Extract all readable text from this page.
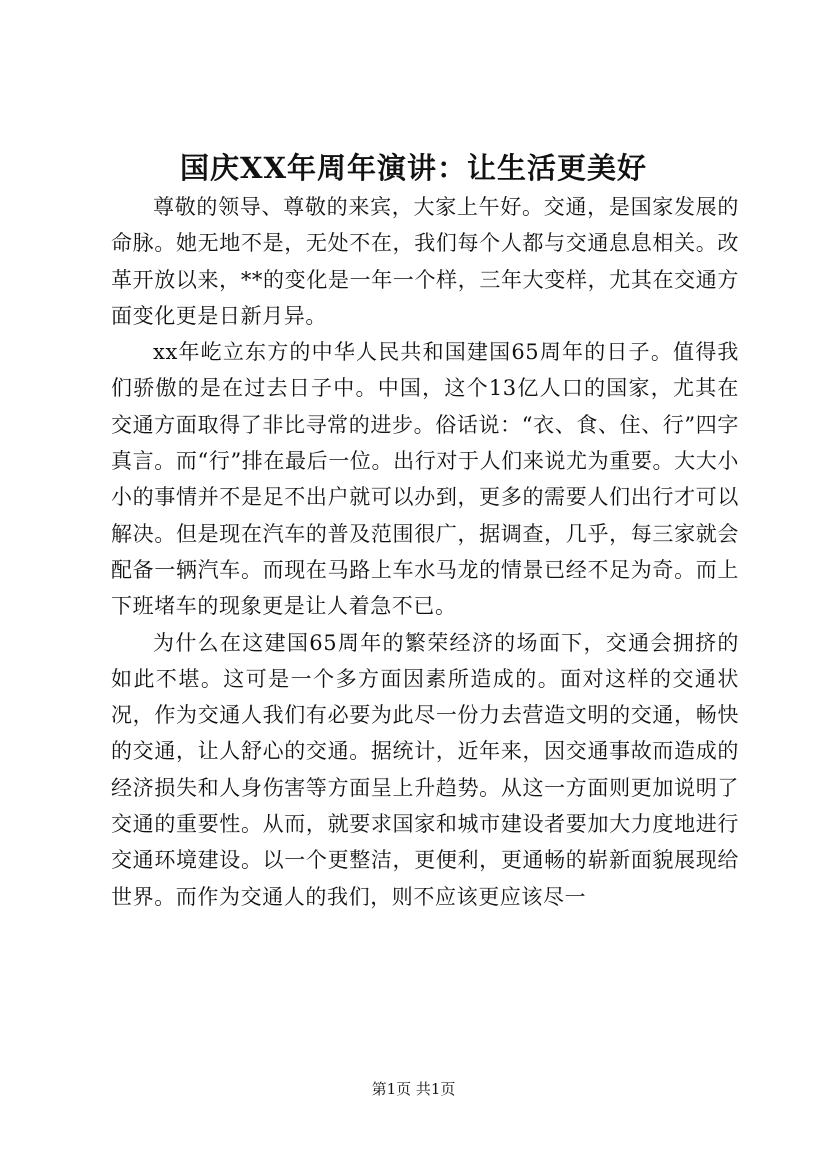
国庆XX年周年演讲：让生活更美好

尊敬的领导、尊敬的来宾，大家上午好。交通，是国家发展的命脉。她无地不是，无处不在，我们每个人都与交通息息相关。改革开放以来，**的变化是一年一个样，三年大变样，尤其在交通方面变化更是日新月异。

xx年屹立东方的中华人民共和国建国65周年的日子。值得我们骄傲的是在过去日子中。中国，这个13亿人口的国家，尤其在交通方面取得了非比寻常的进步。俗话说：“衣、食、住、行”四字真言。而“行”排在最后一位。出行对于人们来说尤为重要。大大小小的事情并不是足不出户就可以办到，更多的需要人们出行才可以解决。但是现在汽车的普及范围很广，据调查，几乎，每三家就会配备一辆汽车。而现在马路上车水马龙的情景已经不足为奇。而上下班堵车的现象更是让人着急不已。

为什么在这建国65周年的繁荣经济的场面下，交通会拥挤的如此不堪。这可是一个多方面因素所造成的。面对这样的交通状况，作为交通人我们有必要为此尽一份力去营造文明的交通，畅快的交通，让人舒心的交通。据统计，近年来，因交通事故而造成的经济损失和人身伤害等方面呈上升趋势。从这一方面则更加说明了交通的重要性。从而，就要求国家和城市建设者要加大力度地进行交通环境建设。以一个更整洁，更便利，更通畅的崭新面貌展现给世界。而作为交通人的我们，则不应该更应该尽一

第1页 共1页
